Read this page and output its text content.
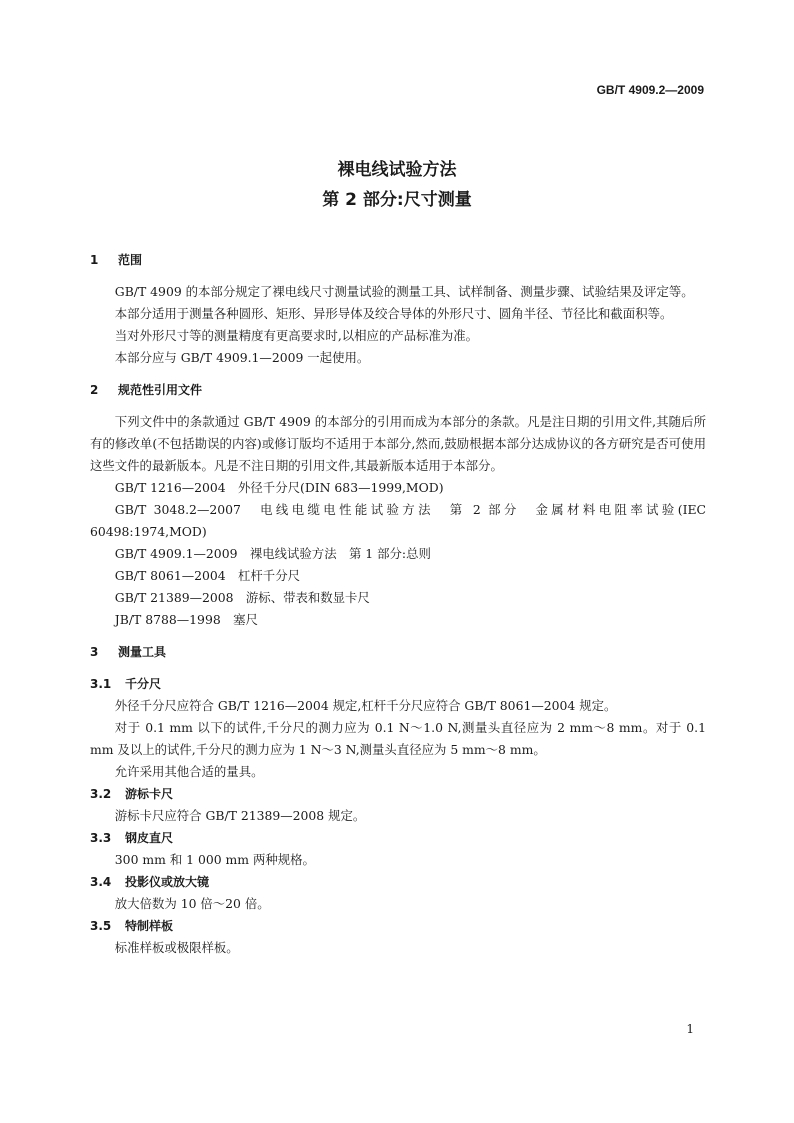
GB/T 4909.2—2009
裸电线试验方法
第 2 部分:尺寸测量
1 范围

GB/T 4909 的本部分规定了裸电线尺寸测量试验的测量工具、试样制备、测量步骤、试验结果及评定等。

本部分适用于测量各种圆形、矩形、异形导体及绞合导体的外形尺寸、圆角半径、节径比和截面积等。

当对外形尺寸等的测量精度有更高要求时,以相应的产品标准为准。

本部分应与 GB/T 4909.1—2009 一起使用。

2 规范性引用文件

下列文件中的条款通过 GB/T 4909 的本部分的引用而成为本部分的条款。凡是注日期的引用文件,其随后所有的修改单(不包括勘误的内容)或修订版均不适用于本部分,然而,鼓励根据本部分达成协议的各方研究是否可使用这些文件的最新版本。凡是不注日期的引用文件,其最新版本适用于本部分。

GB/T 1216—2004　外径千分尺(DIN 683—1999,MOD)

GB/T 3048.2—2007　电线电缆电性能试验方法　第 2 部分　金属材料电阻率试验(IEC 60498:1974,MOD)

GB/T 4909.1—2009　裸电线试验方法　第 1 部分:总则

GB/T 8061—2004　杠杆千分尺

GB/T 21389—2008　游标、带表和数显卡尺

JB/T 8788—1998　塞尺

3 测量工具
3.1 千分尺

外径千分尺应符合 GB/T 1216—2004 规定,杠杆千分尺应符合 GB/T 8061—2004 规定。

对于 0.1 mm 以下的试件,千分尺的测力应为 0.1 N～1.0 N,测量头直径应为 2 mm～8 mm。对于 0.1 mm 及以上的试件,千分尺的测力应为 1 N～3 N,测量头直径应为 5 mm～8 mm。

允许采用其他合适的量具。

3.2 游标卡尺

游标卡尺应符合 GB/T 21389—2008 规定。

3.3 钢皮直尺

300 mm 和 1 000 mm 两种规格。

3.4 投影仪或放大镜

放大倍数为 10 倍～20 倍。

3.5 特制样板

标准样板或极限样板。

1
